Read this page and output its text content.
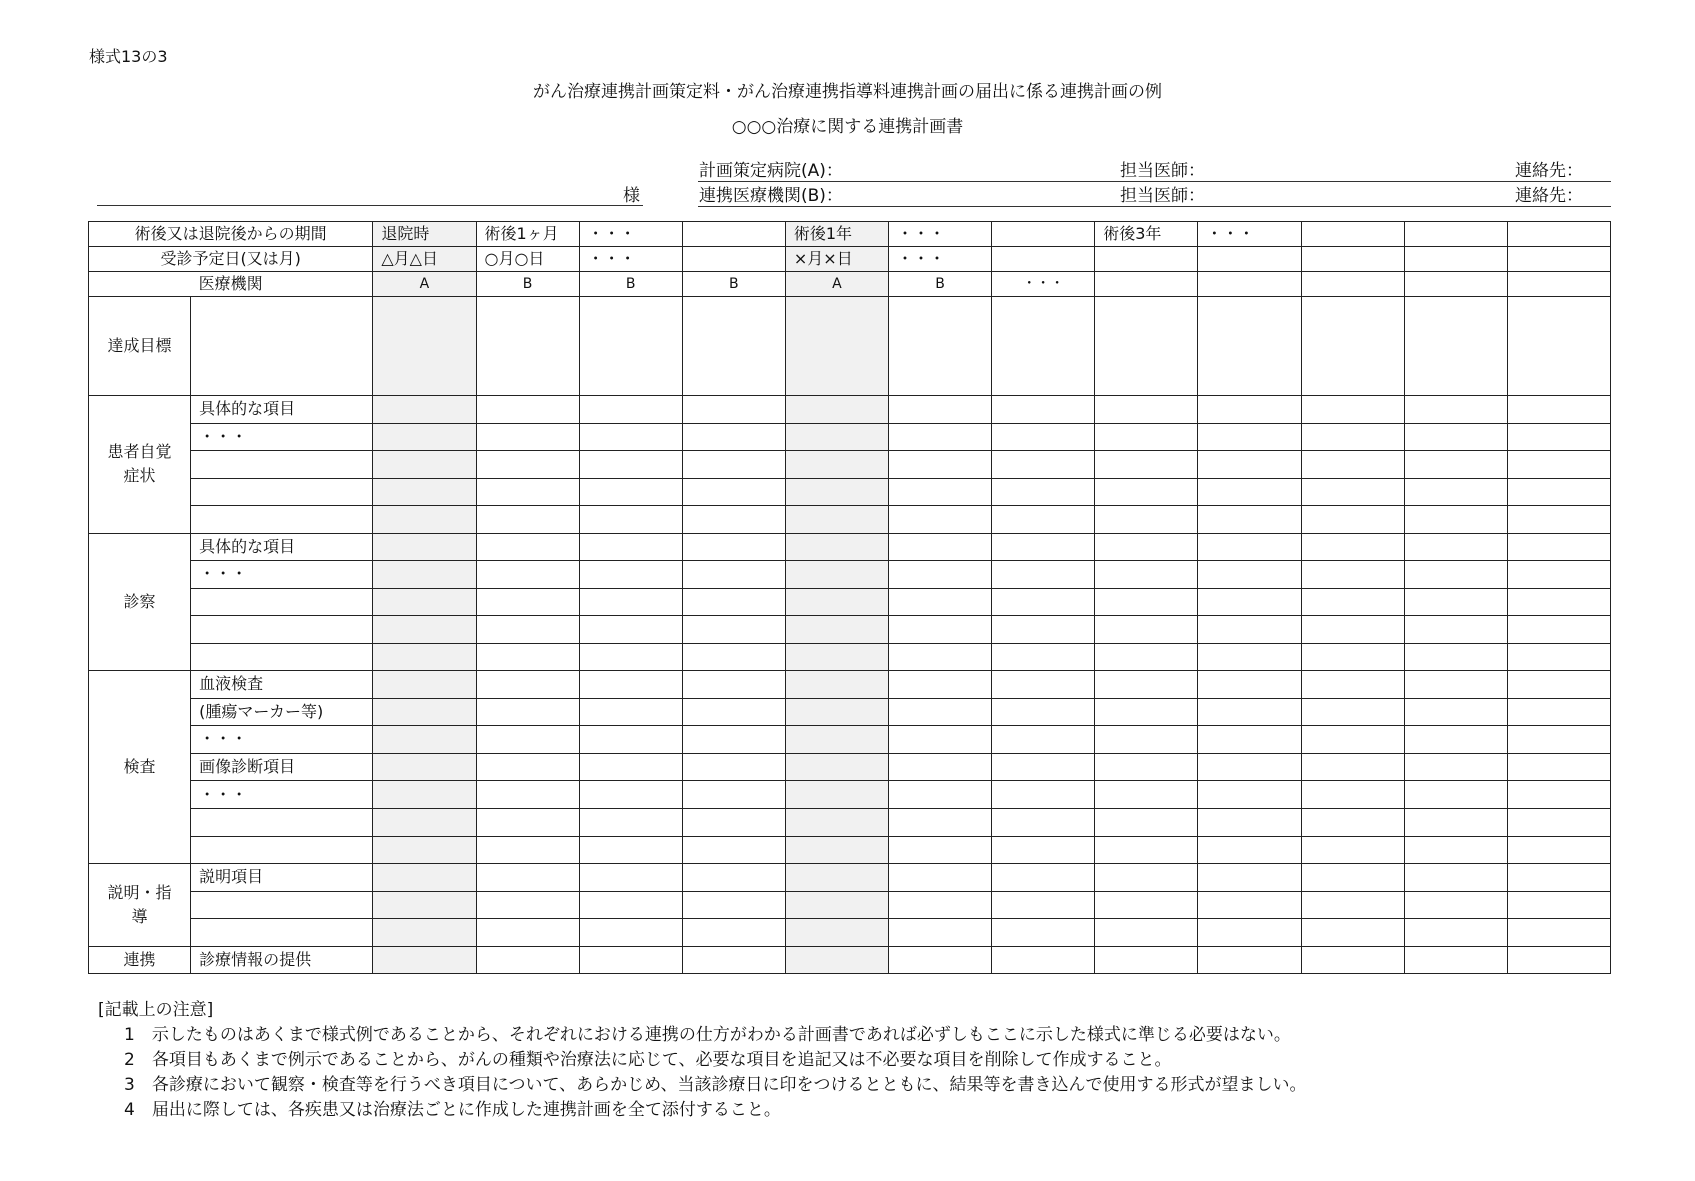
様式13の3
がん治療連携計画策定料・がん治療連携指導料連携計画の届出に係る連携計画の例
○○○治療に関する連携計画書
様
計画策定病院(A)：	担当医師：	連絡先：
連携医療機関(B)：	担当医師：	連絡先：
術後又は退院後からの期間		退院時	術後1ヶ月	・・・		術後1年	・・・		術後3年	・・・			
受診予定日(又は月)		△月△日	○月○日	・・・		×月×日	・・・						
医療機関		A	B	B	B	A	B	・・・					
達成目標													
患者自覚症状	具体的な項目												
	・・・												

診察	具体的な項目												
	・・・												

検査	血液検査												
	(腫瘍マーカー等)												
	・・・												
	画像診断項目												
	・・・												

説明・指導	説明項目												

連携	診療情報の提供												
[記載上の注意]
1　示したものはあくまで様式例であることから、それぞれにおける連携の仕方がわかる計画書であれば必ずしもここに示した様式に準じる必要はない。
2　各項目もあくまで例示であることから、がんの種類や治療法に応じて、必要な項目を追記又は不必要な項目を削除して作成すること。
3　各診療において観察・検査等を行うべき項目について、あらかじめ、当該診療日に印をつけるとともに、結果等を書き込んで使用する形式が望ましい。
4　届出に際しては、各疾患又は治療法ごとに作成した連携計画を全て添付すること。
